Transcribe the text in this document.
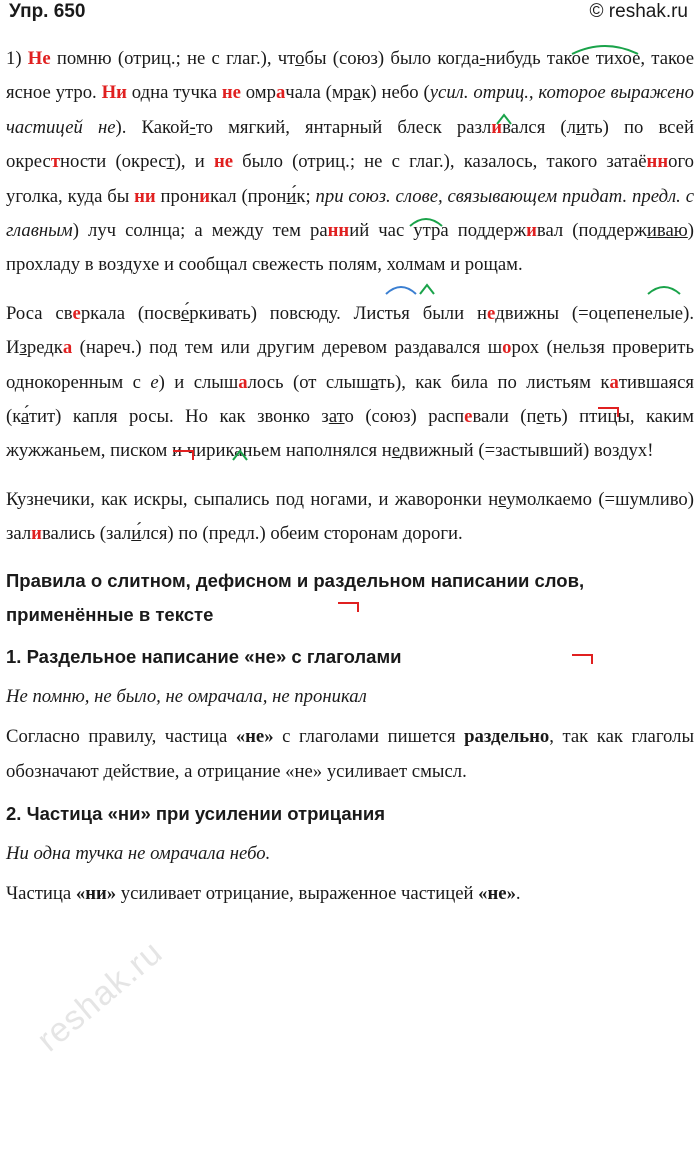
Упр. 650	© reshak.ru

1) Не помню (отриц.; не с глаг.), чтобы (союз) было когда-нибудь такое тихое, такое ясное утро. Ни одна тучка не омрачала (мрак) небо (усил. отриц., которое выражено частицей не). Какой-то мягкий, янтарный блеск разливался (лить) по всей окрестности (окрест), и не было (отриц.; не с глаг.), казалось, такого затаённого уголка, куда бы ни проникал (прони́к; при союз. слове, связывающем придат. предл. с главным) луч солнца; а между тем ранний час утра поддерживал (поддерживаю) прохладу в воздухе и сообщал свежесть полям, холмам и рощам.

Роса сверкала (посве́ркивать) повсюду. Листья были недвижны (=оцепенелые). Изредка (нареч.) под тем или другим деревом раздавался шорох (нельзя проверить однокоренным с е) и слышалось (от слышать), как била по листьям катившаяся (ка́тит) капля росы. Но как звонко зато (союз) распевали (петь) птицы, каким жужжаньем, писком и чириканьем наполнялся недвижный (=застывший) воздух!

Кузнечики, как искры, сыпались под ногами, и жаворонки неумолкаемо (=шумливо) заливались (зали́лся) по (предл.) обеим сторонам дороги.

Правила о слитном, дефисном и раздельном написании слов, применённые в тексте
1. Раздельное написание «не» с глаголами

Не помню, не было, не омрачала, не проникал

Согласно правилу, частица «не» с глаголами пишется раздельно, так как глаголы обозначают действие, а отрицание «не» усиливает смысл.

2. Частица «ни» при усилении отрицания

Ни одна тучка не омрачала небо.

Частица «ни» усиливает отрицание, выраженное частицей «не».

reshak.ru
